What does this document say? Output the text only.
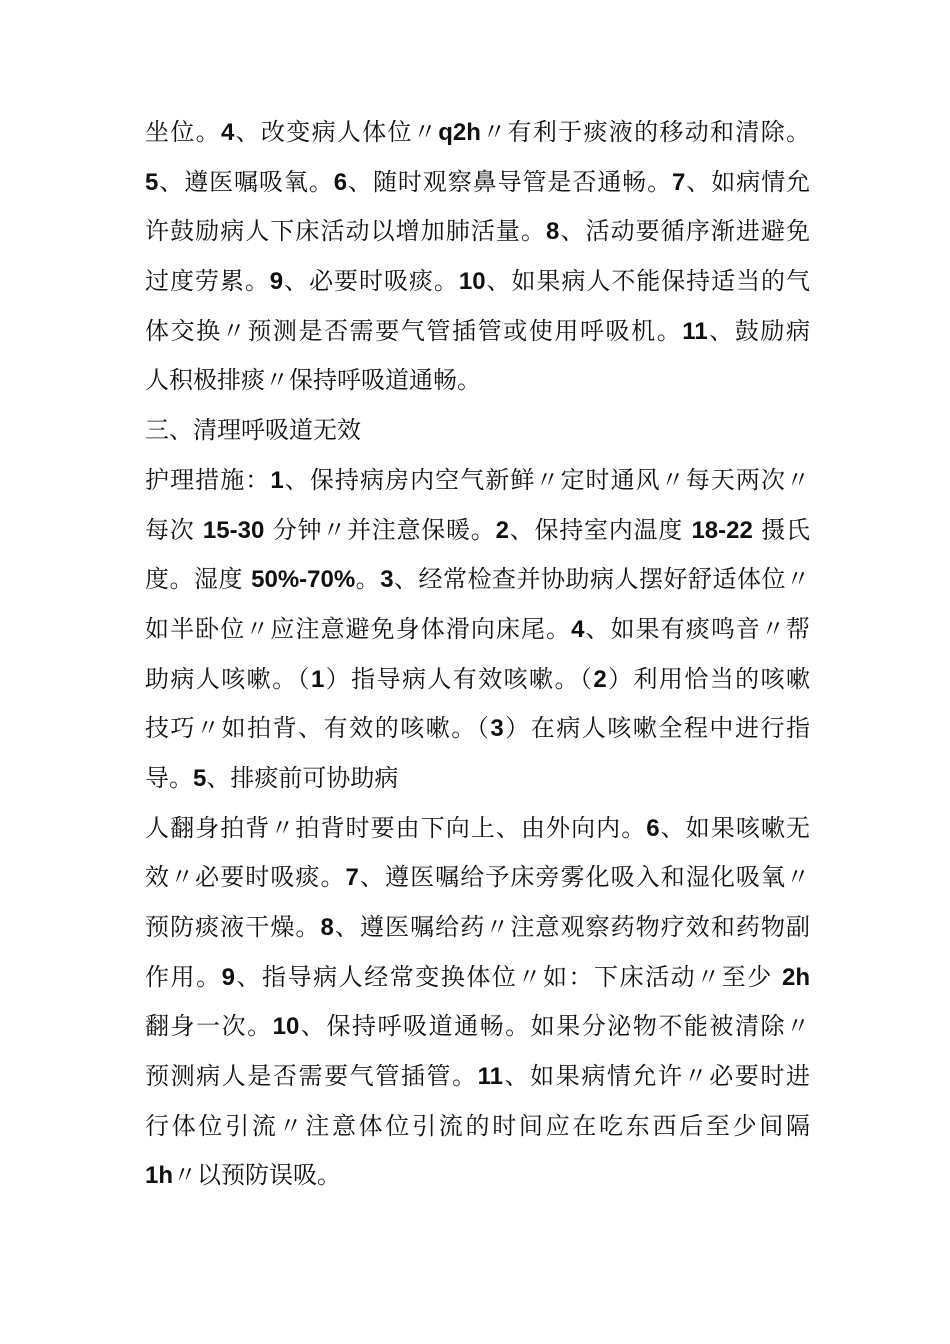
坐位。4、改变病人体位〃q2h〃有利于痰液的移动和清除。
5、遵医嘱吸氧。6、随时观察鼻导管是否通畅。7、如病情允
许鼓励病人下床活动以增加肺活量。8、活动要循序渐进避免
过度劳累。9、必要时吸痰。10、如果病人不能保持适当的气
体交换〃预测是否需要气管插管或使用呼吸机。11、鼓励病
人积极排痰〃保持呼吸道通畅。
三、清理呼吸道无效
护理措施：1、保持病房内空气新鲜〃定时通风〃每天两次〃
每次 15-30 分钟〃并注意保暖。2、保持室内温度 18-22 摄氏
度。湿度 50%-70%。3、经常检查并协助病人摆好舒适体位〃
如半卧位〃应注意避免身体滑向床尾。4、如果有痰鸣音〃帮
助病人咳嗽。（1）指导病人有效咳嗽。（2）利用恰当的咳嗽
技巧〃如拍背、有效的咳嗽。（3）在病人咳嗽全程中进行指
导。5、排痰前可协助病
人翻身拍背〃拍背时要由下向上、由外向内。6、如果咳嗽无
效〃必要时吸痰。7、遵医嘱给予床旁雾化吸入和湿化吸氧〃
预防痰液干燥。8、遵医嘱给药〃注意观察药物疗效和药物副
作用。9、指导病人经常变换体位〃如：下床活动〃至少 2h
翻身一次。10、保持呼吸道通畅。如果分泌物不能被清除〃
预测病人是否需要气管插管。11、如果病情允许〃必要时进
行体位引流〃注意体位引流的时间应在吃东西后至少间隔
1h〃以预防误吸。
